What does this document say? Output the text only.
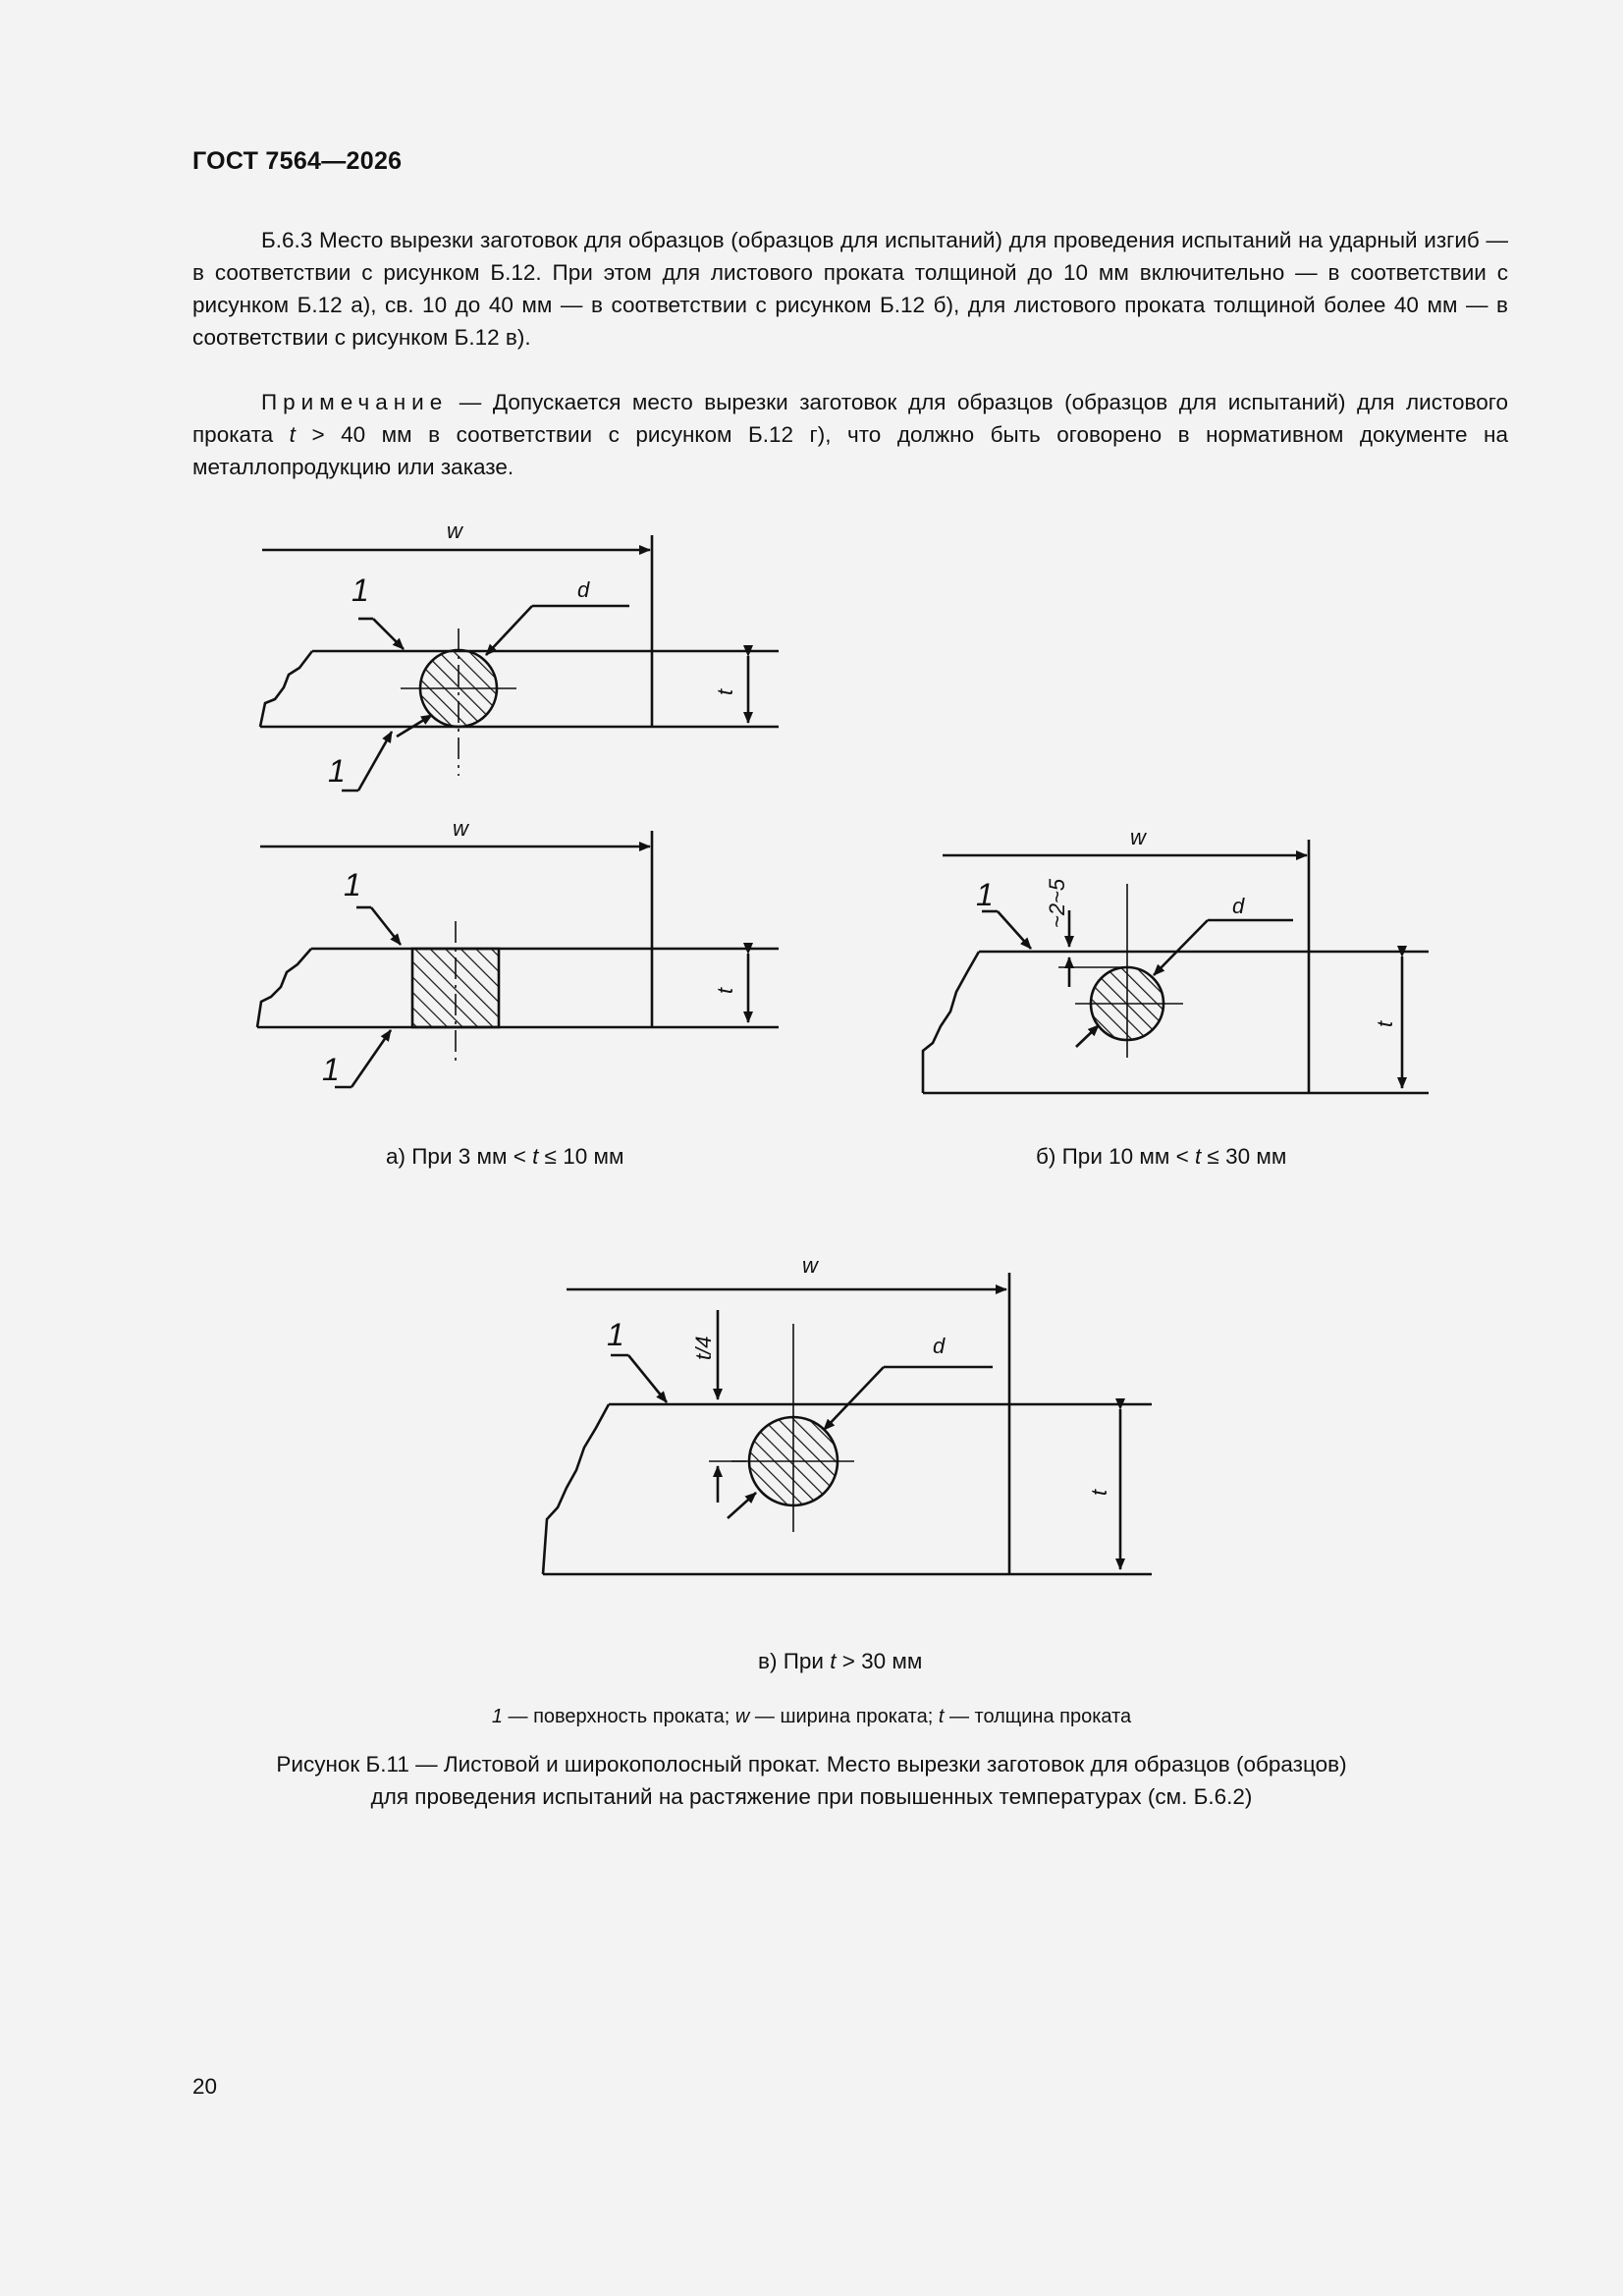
ГОСТ 7564—2026

Б.6.3 Место вырезки заготовок для образцов (образцов для испытаний) для проведения испытаний на ударный изгиб — в соответствии с рисунком Б.12. При этом для листового проката толщиной до 10 мм включительно — в соответствии с рисунком Б.12 а), св. 10 до 40 мм — в соответствии с рисунком Б.12 б), для листового проката толщиной более 40 мм — в соответствии с рисунком Б.12 в).

Примечание — Допускается место вырезки заготовок для образцов (образцов для испытаний) для листового проката t > 40 мм в соответствии с рисунком Б.12 г), что должно быть оговорено в нормативном документе на металлопродукцию или заказе.

w
d
1
1
t
w
1
1
t
w
d
1 ~2~5
t
w
d
1	t/4
t
а) При 3 мм < t ≤ 10 мм	б) При 10 мм < t ≤ 30 мм
в) При t > 30 мм
1 — поверхность проката; w — ширина проката; t — толщина проката
Рисунок Б.11 — Листовой и широкополосный прокат. Место вырезки заготовок для образцов (образцов)
для проведения испытаний на растяжение при повышенных температурах (см. Б.6.2)
20
